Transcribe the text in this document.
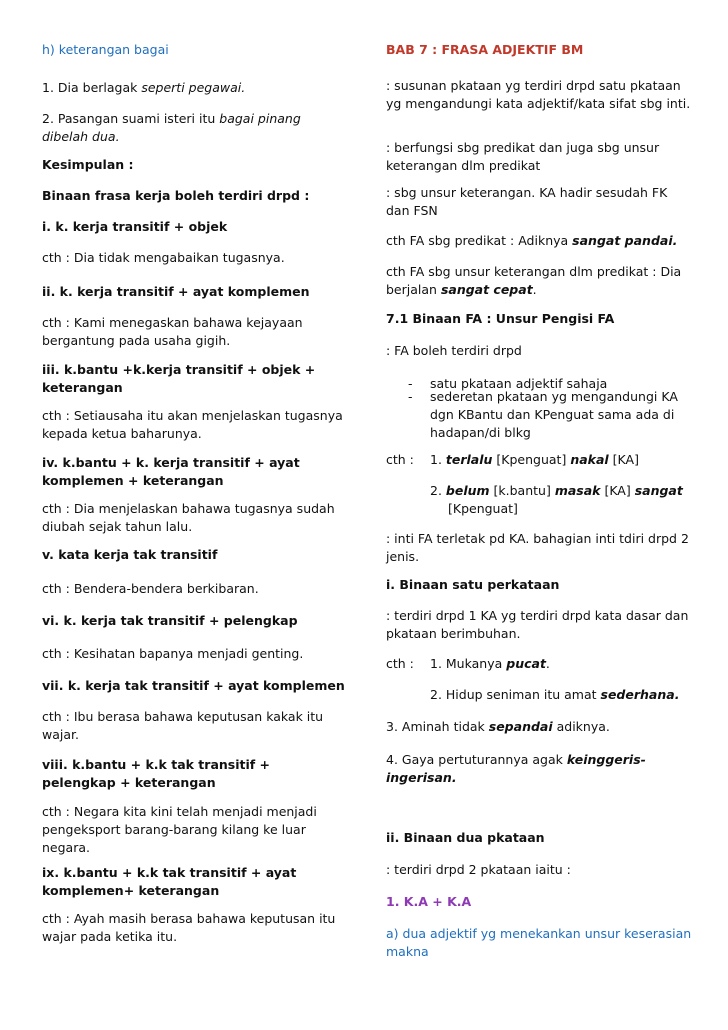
h) keterangan bagai

1. Dia berlagak seperti pegawai.

2. Pasangan suami isteri itu bagai pinang dibelah dua.

Kesimpulan :

Binaan frasa kerja boleh terdiri drpd :

i. k. kerja transitif + objek

cth : Dia tidak mengabaikan tugasnya.

ii. k. kerja transitif + ayat komplemen

cth : Kami menegaskan bahawa kejayaan bergantung pada usaha gigih.

iii. k.bantu +k.kerja transitif + objek + keterangan

cth : Setiausaha itu akan menjelaskan tugasnya kepada ketua baharunya.

iv. k.bantu + k. kerja transitif + ayat komplemen + keterangan

cth : Dia menjelaskan bahawa tugasnya sudah diubah sejak tahun lalu.

v. kata kerja tak transitif

cth : Bendera-bendera berkibaran.

vi. k. kerja tak transitif + pelengkap

cth : Kesihatan bapanya menjadi genting.

vii. k. kerja tak transitif + ayat komplemen

cth : Ibu berasa bahawa keputusan kakak itu wajar.

viii. k.bantu + k.k tak transitif + pelengkap + keterangan

cth : Negara kita kini telah menjadi menjadi pengeksport barang-barang kilang ke luar negara.

ix. k.bantu + k.k tak transitif + ayat komplemen+ keterangan

cth : Ayah masih berasa bahawa keputusan itu wajar pada ketika itu.

BAB 7 : FRASA ADJEKTIF BM

: susunan pkataan yg terdiri drpd satu pkataan yg mengandungi kata adjektif/kata sifat sbg inti.

: berfungsi sbg predikat dan juga sbg unsur keterangan dlm predikat

: sbg unsur keterangan. KA hadir sesudah FK dan FSN

cth FA sbg predikat : Adiknya sangat pandai.

cth FA sbg unsur keterangan dlm predikat : Dia berjalan sangat cepat.

7.1 Binaan FA : Unsur Pengisi FA

: FA boleh terdiri drpd

- satu pkataan adjektif sahaja
- sederetan pkataan yg mengandungi KA dgn KBantu dan KPenguat sama ada di hadapan/di blkg
cth : 1. terlalu [Kpenguat] nakal [KA]
2. belum [k.bantu] masak [KA] sangat
[Kpenguat]

: inti FA terletak pd KA. bahagian inti tdiri drpd 2 jenis.

i. Binaan satu perkataan

: terdiri drpd 1 KA yg terdiri drpd kata dasar dan pkataan berimbuhan.

cth : 1. Mukanya pucat.
2. Hidup seniman itu amat sederhana.

3. Aminah tidak sepandai adiknya.

4. Gaya pertuturannya agak keinggeris-ingerisan.

ii. Binaan dua pkataan

: terdiri drpd 2 pkataan iaitu :

1. K.A + K.A

a) dua adjektif yg menekankan unsur keserasian makna
